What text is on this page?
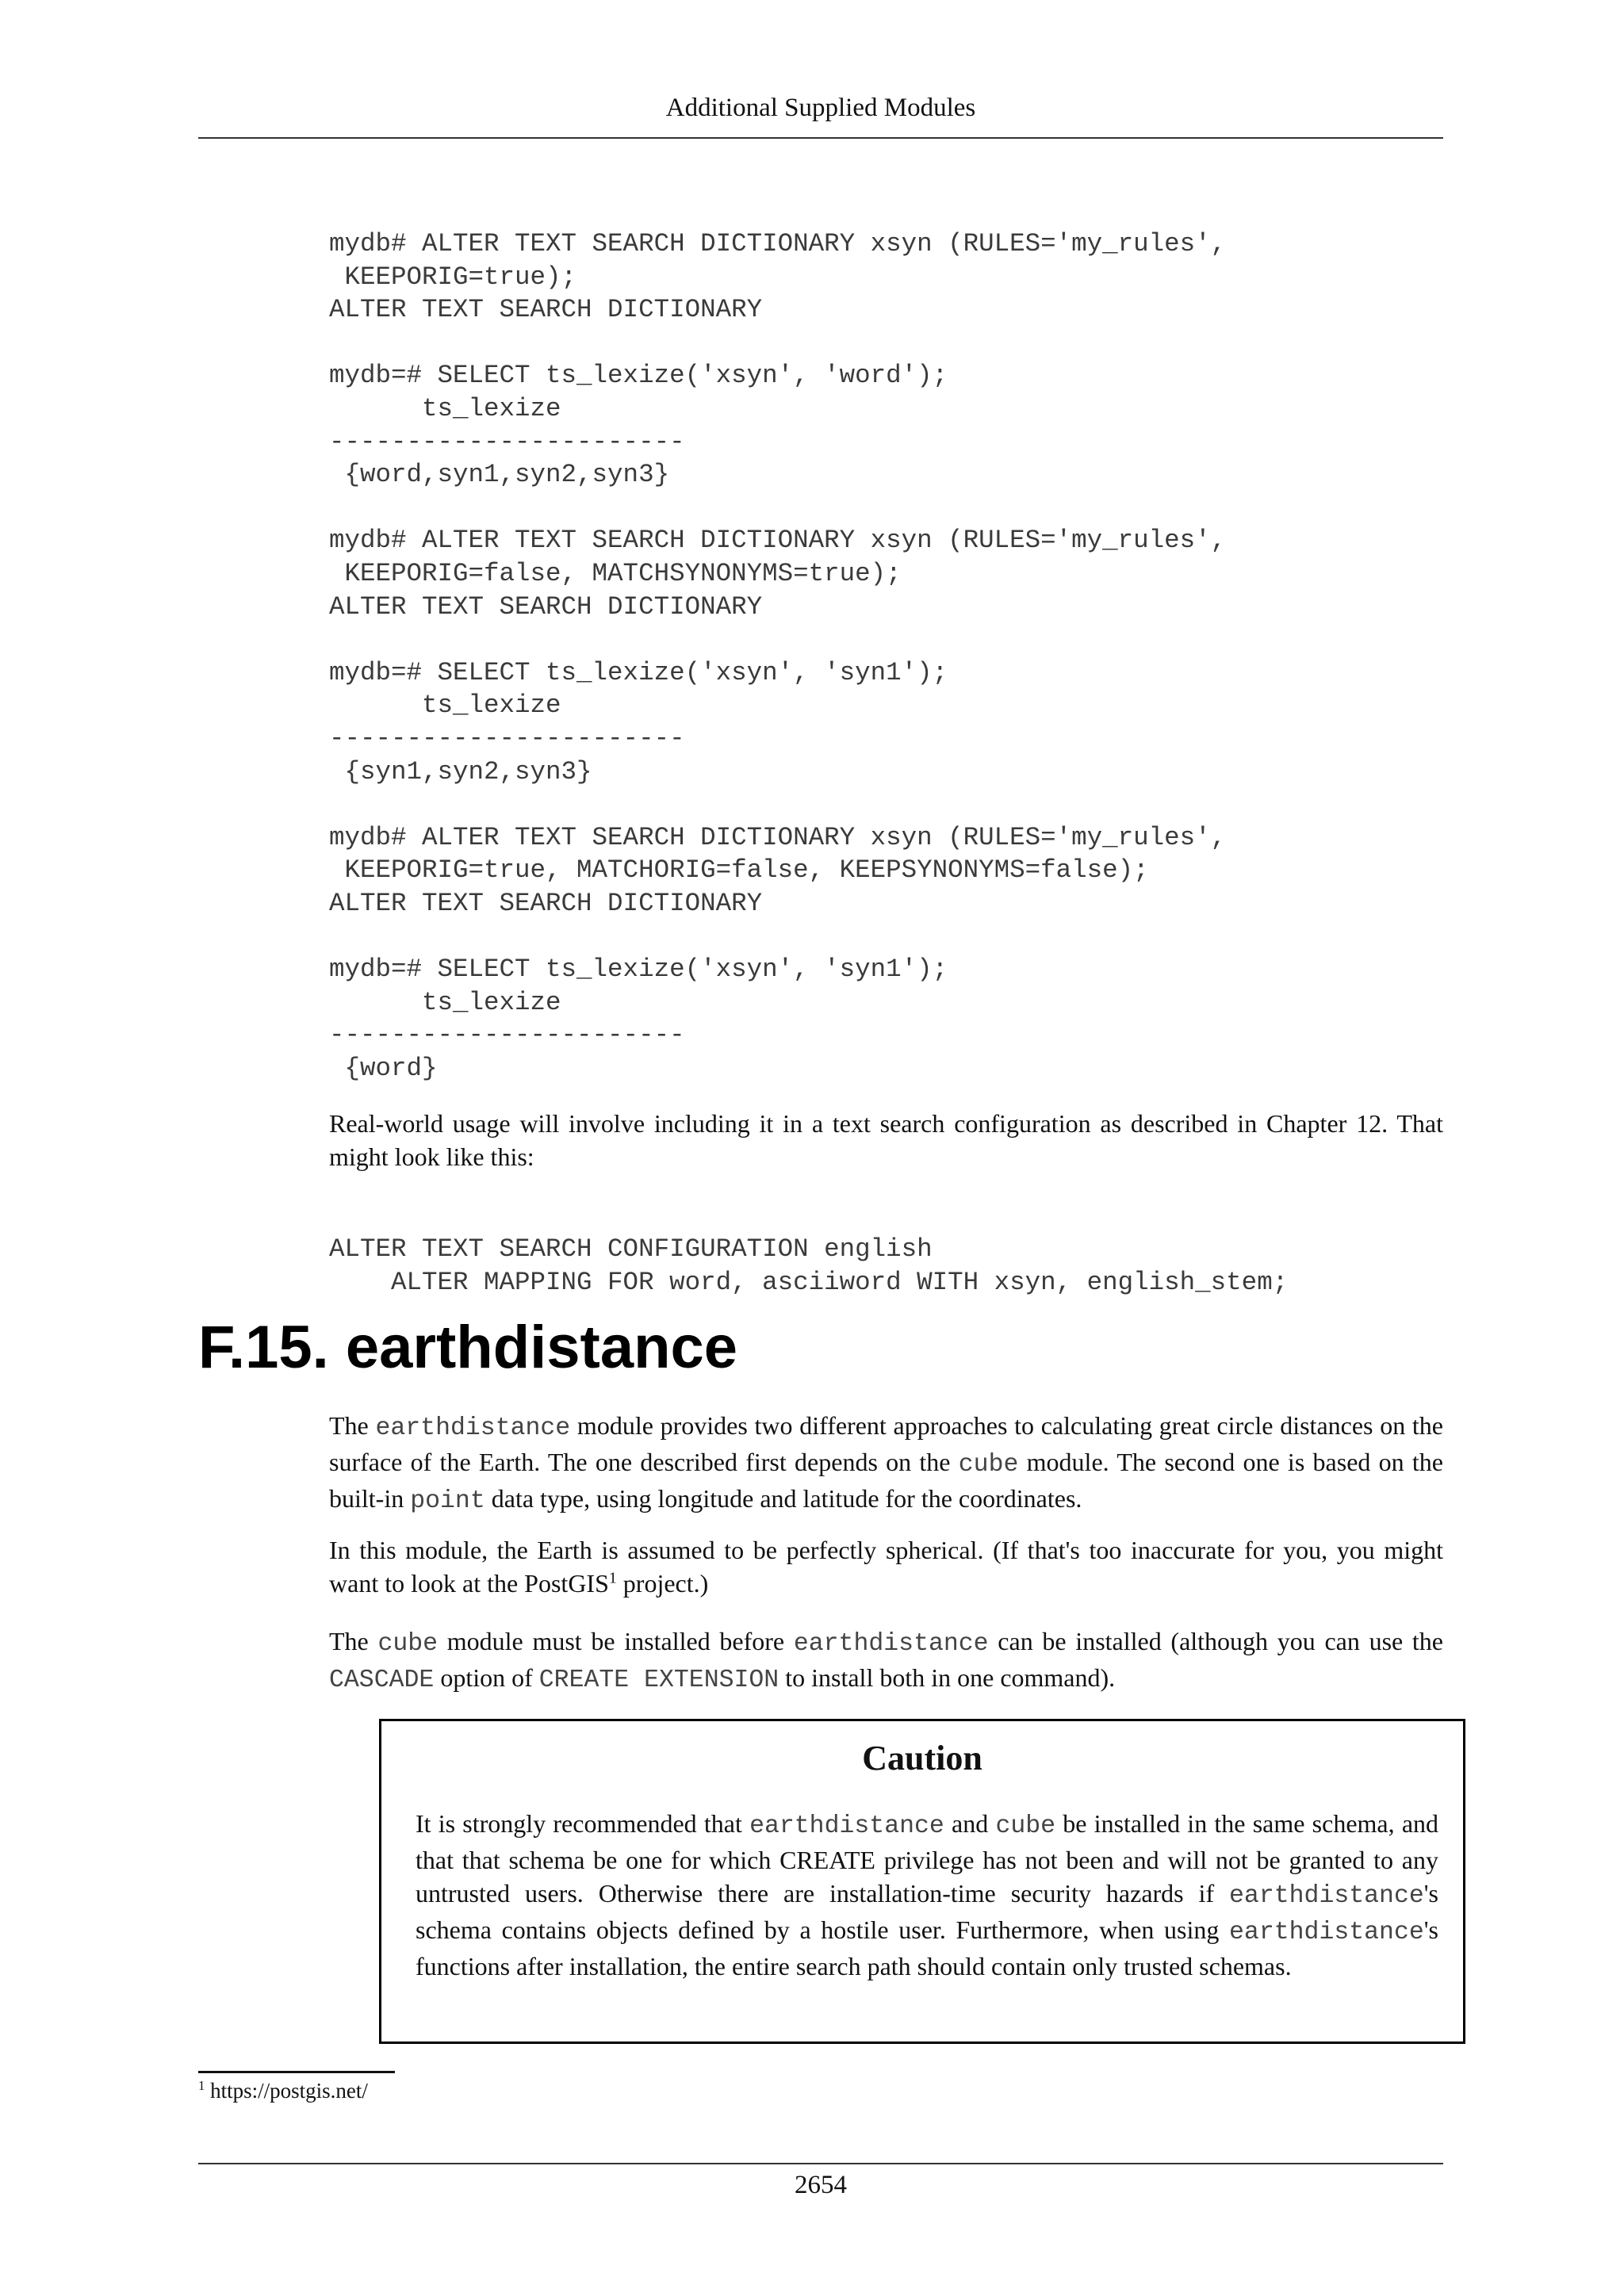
Additional Supplied Modules
mydb# ALTER TEXT SEARCH DICTIONARY xsyn (RULES='my_rules',
KEEPORIG=true);
ALTER TEXT SEARCH DICTIONARY

mydb=# SELECT ts_lexize('xsyn', 'word');
ts_lexize
-----------------------
{word,syn1,syn2,syn3}

mydb# ALTER TEXT SEARCH DICTIONARY xsyn (RULES='my_rules',
KEEPORIG=false, MATCHSYNONYMS=true);
ALTER TEXT SEARCH DICTIONARY

mydb=# SELECT ts_lexize('xsyn', 'syn1');
ts_lexize
-----------------------
{syn1,syn2,syn3}

mydb# ALTER TEXT SEARCH DICTIONARY xsyn (RULES='my_rules',
KEEPORIG=true, MATCHORIG=false, KEEPSYNONYMS=false);
ALTER TEXT SEARCH DICTIONARY

mydb=# SELECT ts_lexize('xsyn', 'syn1');
ts_lexize
-----------------------
{word}

Real-world usage will involve including it in a text search configuration as described in Chapter 12. That might look like this:

ALTER TEXT SEARCH CONFIGURATION english
ALTER MAPPING FOR word, asciiword WITH xsyn, english_stem;
F.15. earthdistance

The earthdistance module provides two different approaches to calculating great circle distances on the surface of the Earth. The one described first depends on the cube module. The second one is based on the built-in point data type, using longitude and latitude for the coordinates.

In this module, the Earth is assumed to be perfectly spherical. (If that's too inaccurate for you, you might want to look at the PostGIS$^1$ project.)

The cube module must be installed before earthdistance can be installed (although you can use the CASCADE option of CREATE EXTENSION to install both in one command).

Caution

It is strongly recommended that earthdistance and cube be installed in the same schema, and that that schema be one for which CREATE privilege has not been and will not be granted to any untrusted users. Otherwise there are installation-time security hazards if earthdistance's schema contains objects defined by a hostile user. Furthermore, when using earthdistance's functions after installation, the entire search path should contain only trusted schemas.

$^1$ https://postgis.net/
2654
